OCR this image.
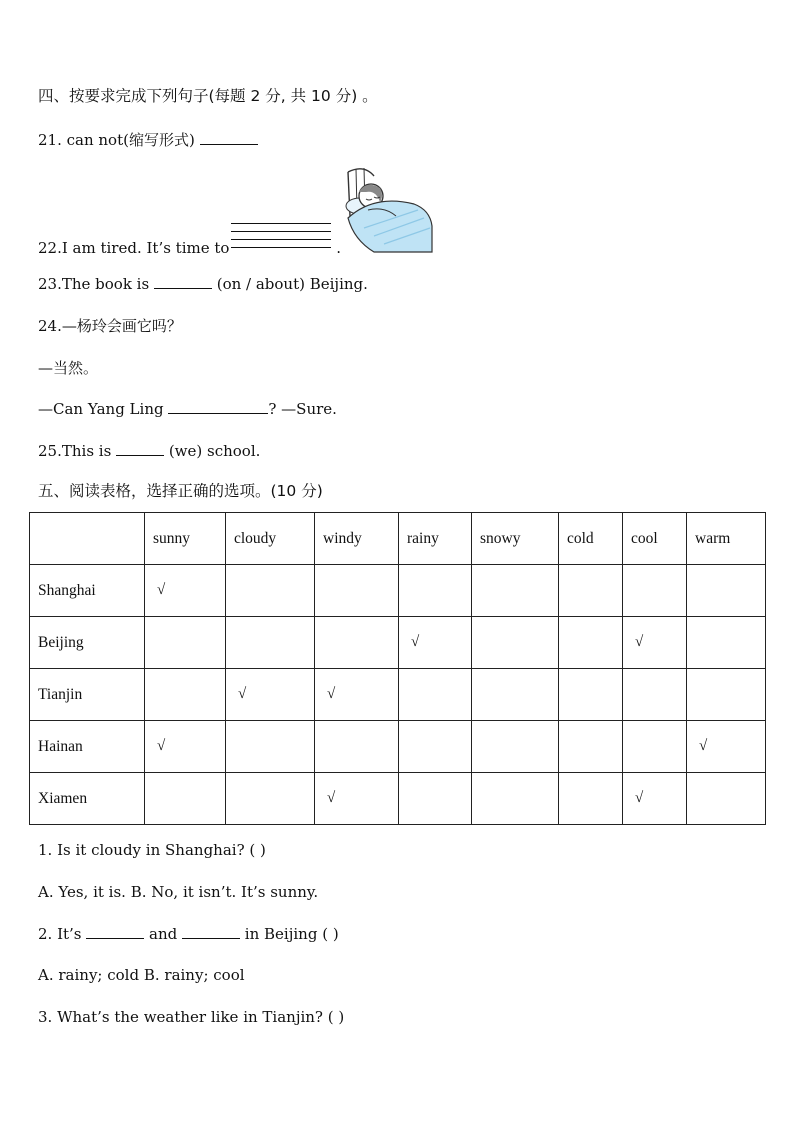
四、按要求完成下列句子(每题 2 分, 共 10 分) 。
21. can not(缩写形式)
22.I am tired. It’s time to	.
23.The book is	(on / about) Beijing.
24.—杨玲会画它吗？
—当然。
—Can Yang Ling	? —Sure.
25.This is	(we) school.
五、阅读表格，选择正确的选项。(10 分)
	sunny	cloudy	windy	rainy	snowy	cold	cool	warm
Shanghai	√							
Beijing				√			√	
Tianjin		√	√					
Hainan	√							√
Xiamen			√				√	
1. Is it cloudy in Shanghai? ( )
A. Yes, it is. B. No, it isn’t. It’s sunny.
2. It’s	and	in Beijing ( )
A. rainy; cold B. rainy; cool
3. What’s the weather like in Tianjin? ( )
